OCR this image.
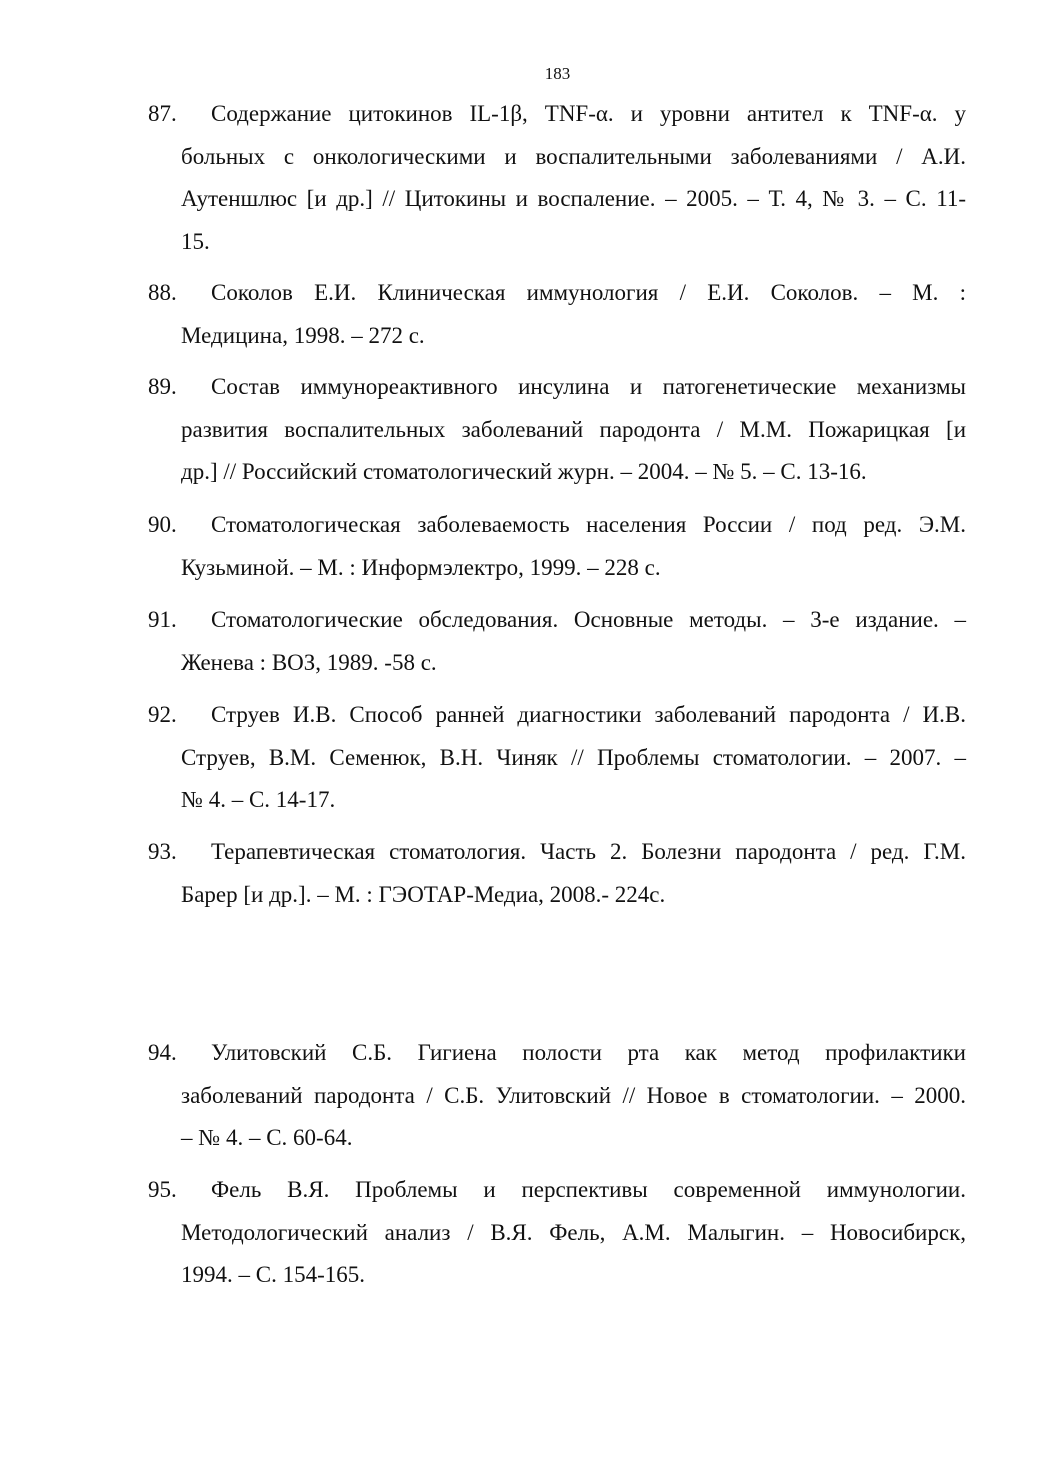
183
87.	Содержание цитокинов IL-1β, TNF-α. и уровни антител к TNF-α. у
больных с онкологическими и воспалительными заболеваниями / А.И.
Аутеншлюс [и др.] // Цитокины и воспаление. – 2005. – Т. 4, № 3. – С. 11-
15.
88.	Соколов Е.И. Клиническая иммунология / Е.И. Соколов. – М. :
Медицина, 1998. – 272 с.
89.	Состав иммунореактивного инсулина и патогенетические механизмы
развития воспалительных заболеваний пародонта / М.М. Пожарицкая [и
др.] // Российский стоматологический журн. – 2004. – № 5. – С. 13-16.
90.	Стоматологическая заболеваемость населения России / под ред. Э.М.
Кузьминой. – М. : Информэлектро, 1999. – 228 с.
91.	Стоматологические обследования. Основные методы. – 3-е издание. –
Женева : ВОЗ, 1989. -58 с.
92.	Струев И.В. Способ ранней диагностики заболеваний пародонта / И.В.
Струев, В.М. Семенюк, В.Н. Чиняк // Проблемы стоматологии. – 2007. –
№ 4. – С. 14-17.
93.	Терапевтическая стоматология. Часть 2. Болезни пародонта / ред. Г.М.
Барер [и др.]. – М. : ГЭОТАР-Медиа, 2008.- 224с.
94.	Улитовский С.Б. Гигиена полости рта как метод профилактики
заболеваний пародонта / С.Б. Улитовский // Новое в стоматологии. – 2000.
– № 4. – С. 60-64.
95.	Фель В.Я. Проблемы и перспективы современной иммунологии.
Методологический анализ / В.Я. Фель, А.М. Малыгин. – Новосибирск,
1994. – С. 154-165.
